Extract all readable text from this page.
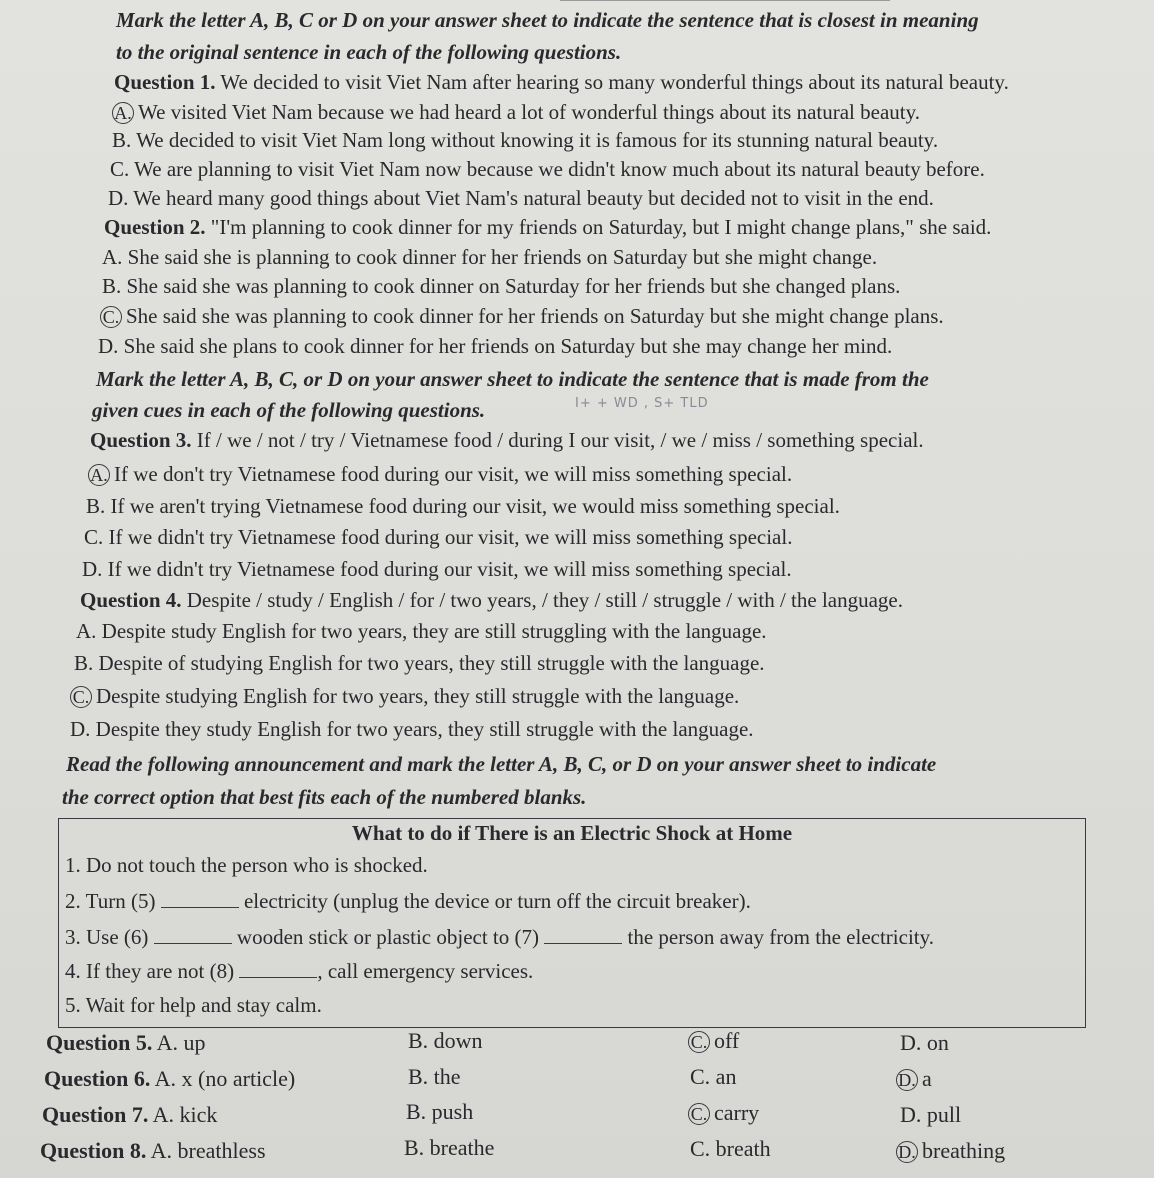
Mark the letter A, B, C or D on your answer sheet to indicate the sentence that is closest in meaning
to the original sentence in each of the following questions.
Question 1. We decided to visit Viet Nam after hearing so many wonderful things about its natural beauty.
A. We visited Viet Nam because we had heard a lot of wonderful things about its natural beauty.
B. We decided to visit Viet Nam long without knowing it is famous for its stunning natural beauty.
C. We are planning to visit Viet Nam now because we didn't know much about its natural beauty before.
D. We heard many good things about Viet Nam's natural beauty but decided not to visit in the end.
Question 2. "I'm planning to cook dinner for my friends on Saturday, but I might change plans," she said.
A. She said she is planning to cook dinner for her friends on Saturday but she might change.
B. She said she was planning to cook dinner on Saturday for her friends but she changed plans.
C. She said she was planning to cook dinner for her friends on Saturday but she might change plans.
D. She said she plans to cook dinner for her friends on Saturday but she may change her mind.
Mark the letter A, B, C, or D on your answer sheet to indicate the sentence that is made from the
given cues in each of the following questions.	I+ + WD , S+ TLD
Question 3. If / we / not / try / Vietnamese food / during I our visit, / we / miss / something special.
A. If we don't try Vietnamese food during our visit, we will miss something special.
B. If we aren't trying Vietnamese food during our visit, we would miss something special.
C. If we didn't try Vietnamese food during our visit, we will miss something special.
D. If we didn't try Vietnamese food during our visit, we will miss something special.
Question 4. Despite / study / English / for / two years, / they / still / struggle / with / the language.
A. Despite study English for two years, they are still struggling with the language.
B. Despite of studying English for two years, they still struggle with the language.
C. Despite studying English for two years, they still struggle with the language.
D. Despite they study English for two years, they still struggle with the language.
Read the following announcement and mark the letter A, B, C, or D on your answer sheet to indicate
the correct option that best fits each of the numbered blanks.
What to do if There is an Electric Shock at Home
1. Do not touch the person who is shocked.
2. Turn (5)	electricity (unplug the device or turn off the circuit breaker).
3. Use (6)	wooden stick or plastic object to (7)	the person away from the electricity.
4. If they are not (8)	, call emergency services.
5. Wait for help and stay calm.
Question 5. A. up	B. down	C. off	D. on
Question 6. A. x (no article)	B. the	C. an	D. a
Question 7. A. kick	B. push	C. carry	D. pull
Question 8. A. breathless	B. breathe	C. breath	D. breathing
